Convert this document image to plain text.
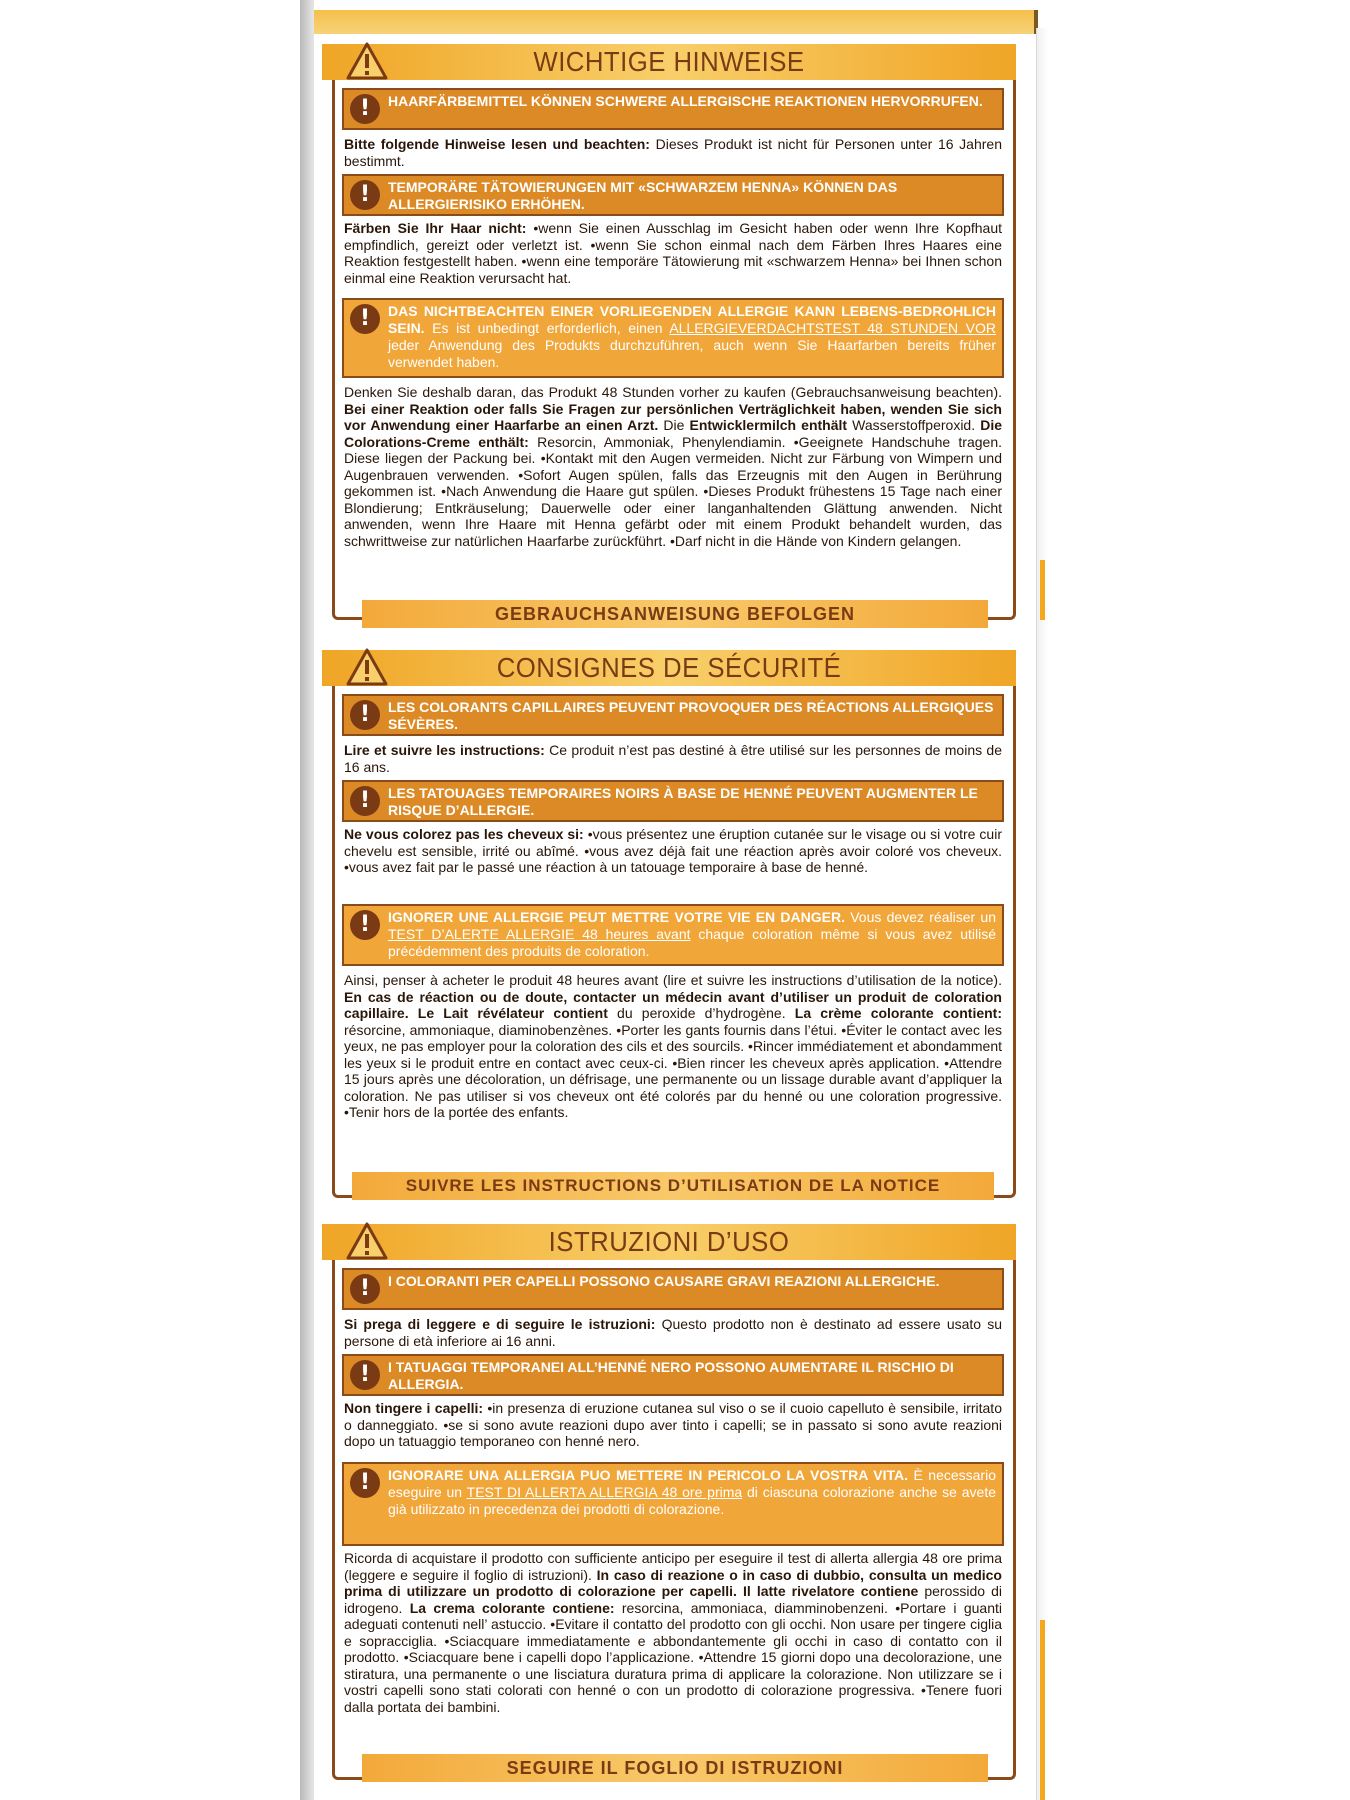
WICHTIGE HINWEISE
!	HAARFÄRBEMITTEL KÖNNEN SCHWERE ALLERGISCHE REAKTIONEN HERVORRUFEN.
Bitte folgende Hinweise lesen und beachten: Dieses Produkt ist nicht für Personen unter 16 Jahren bestimmt.
!	TEMPORÄRE TÄTOWIERUNGEN MIT «SCHWARZEM HENNA» KÖNNEN DAS ALLERGIERISIKO ERHÖHEN.
Färben Sie Ihr Haar nicht: •wenn Sie einen Ausschlag im Gesicht haben oder wenn Ihre Kopfhaut empfindlich, gereizt oder verletzt ist. •wenn Sie schon einmal nach dem Färben Ihres Haares eine Reaktion festgestellt haben. •wenn eine temporäre Tätowierung mit «schwarzem Henna» bei Ihnen schon einmal eine Reaktion verursacht hat.
!	DAS NICHTBEACHTEN EINER VORLIEGENDEN ALLERGIE KANN LEBENS-BEDROHLICH SEIN. Es ist unbedingt erforderlich, einen ALLERGIEVERDACHTSTEST 48 STUNDEN VOR jeder Anwendung des Produkts durchzuführen, auch wenn Sie Haarfarben bereits früher verwendet haben.
Denken Sie deshalb daran, das Produkt 48 Stunden vorher zu kaufen (Gebrauchsanweisung beachten). Bei einer Reaktion oder falls Sie Fragen zur persönlichen Verträglichkeit haben, wenden Sie sich vor Anwendung einer Haarfarbe an einen Arzt. Die Entwicklermilch enthält Wasserstoffperoxid. Die Colorations-Creme enthält: Resorcin, Ammoniak, Phenylendiamin. •Geeignete Handschuhe tragen. Diese liegen der Packung bei. •Kontakt mit den Augen vermeiden. Nicht zur Färbung von Wimpern und Augenbrauen verwenden. •Sofort Augen spülen, falls das Erzeugnis mit den Augen in Berührung gekommen ist. •Nach Anwendung die Haare gut spülen. •Dieses Produkt frühestens 15 Tage nach einer Blondierung; Entkräuselung; Dauerwelle oder einer langanhaltenden Glättung anwenden. Nicht anwenden, wenn Ihre Haare mit Henna gefärbt oder mit einem Produkt behandelt wurden, das schwrittweise zur natürlichen Haarfarbe zurückführt. •Darf nicht in die Hände von Kindern gelangen.
GEBRAUCHSANWEISUNG BEFOLGEN
CONSIGNES DE SÉCURITÉ
!	LES COLORANTS CAPILLAIRES PEUVENT PROVOQUER DES RÉACTIONS ALLERGIQUES SÉVÈRES.
Lire et suivre les instructions: Ce produit n’est pas destiné à être utilisé sur les personnes de moins de 16 ans.
!	LES TATOUAGES TEMPORAIRES NOIRS À BASE DE HENNÉ PEUVENT AUGMENTER LE RISQUE D’ALLERGIE.
Ne vous colorez pas les cheveux si: •vous présentez une éruption cutanée sur le visage ou si votre cuir chevelu est sensible, irrité ou abîmé. •vous avez déjà fait une réaction après avoir coloré vos cheveux. •vous avez fait par le passé une réaction à un tatouage temporaire à base de henné.
!	IGNORER UNE ALLERGIE PEUT METTRE VOTRE VIE EN DANGER. Vous devez réaliser un TEST D’ALERTE ALLERGIE 48 heures avant chaque coloration même si vous avez utilisé précédemment des produits de coloration.
Ainsi, penser à acheter le produit 48 heures avant (lire et suivre les instructions d’utilisation de la notice). En cas de réaction ou de doute, contacter un médecin avant d’utiliser un produit de coloration capillaire. Le Lait révélateur contient du peroxide d’hydrogène. La crème colorante contient: résorcine, ammoniaque, diaminobenzènes. •Porter les gants fournis dans l’étui. •Éviter le contact avec les yeux, ne pas employer pour la coloration des cils et des sourcils. •Rincer immédiatement et abondamment les yeux si le produit entre en contact avec ceux-ci. •Bien rincer les cheveux après application. •Attendre 15 jours après une décoloration, un défrisage, une permanente ou un lissage durable avant d’appliquer la coloration. Ne pas utiliser si vos cheveux ont été colorés par du henné ou une coloration progressive. •Tenir hors de la portée des enfants.
SUIVRE LES INSTRUCTIONS D’UTILISATION DE LA NOTICE
ISTRUZIONI D’USO
!	I COLORANTI PER CAPELLI POSSONO CAUSARE GRAVI REAZIONI ALLERGICHE.
Si prega di leggere e di seguire le istruzioni: Questo prodotto non è destinato ad essere usato su persone di età inferiore ai 16 anni.
!	I TATUAGGI TEMPORANEI ALL’HENNÉ NERO POSSONO AUMENTARE IL RISCHIO DI ALLERGIA.
Non tingere i capelli: •in presenza di eruzione cutanea sul viso o se il cuoio capelluto è sensibile, irritato o danneggiato. •se si sono avute reazioni dupo aver tinto i capelli; se in passato si sono avute reazioni dopo un tatuaggio temporaneo con henné nero.
!	IGNORARE UNA ALLERGIA PUO METTERE IN PERICOLO LA VOSTRA VITA. È necessario eseguire un TEST DI ALLERTA ALLERGIA 48 ore prima di ciascuna colorazione anche se avete già utilizzato in precedenza dei prodotti di colorazione.
Ricorda di acquistare il prodotto con sufficiente anticipo per eseguire il test di allerta allergia 48 ore prima (leggere e seguire il foglio di istruzioni). In caso di reazione o in caso di dubbio, consulta un medico prima di utilizzare un prodotto di colorazione per capelli. Il latte rivelatore contiene perossido di idrogeno. La crema colorante contiene: resorcina, ammoniaca, diamminobenzeni. •Portare i guanti adeguati contenuti nell’ astuccio. •Evitare il contatto del prodotto con gli occhi. Non usare per tingere ciglia e sopracciglia. •Sciacquare immediatamente e abbondantemente gli occhi in caso di contatto con il prodotto. •Sciacquare bene i capelli dopo l’applicazione. •Attendre 15 giorni dopo una decolorazione, une stiratura, una permanente o une lisciatura duratura prima di applicare la colorazione. Non utilizzare se i vostri capelli sono stati colorati con henné o con un prodotto di colorazione progressiva. •Tenere fuori dalla portata dei bambini.
SEGUIRE IL FOGLIO DI ISTRUZIONI
